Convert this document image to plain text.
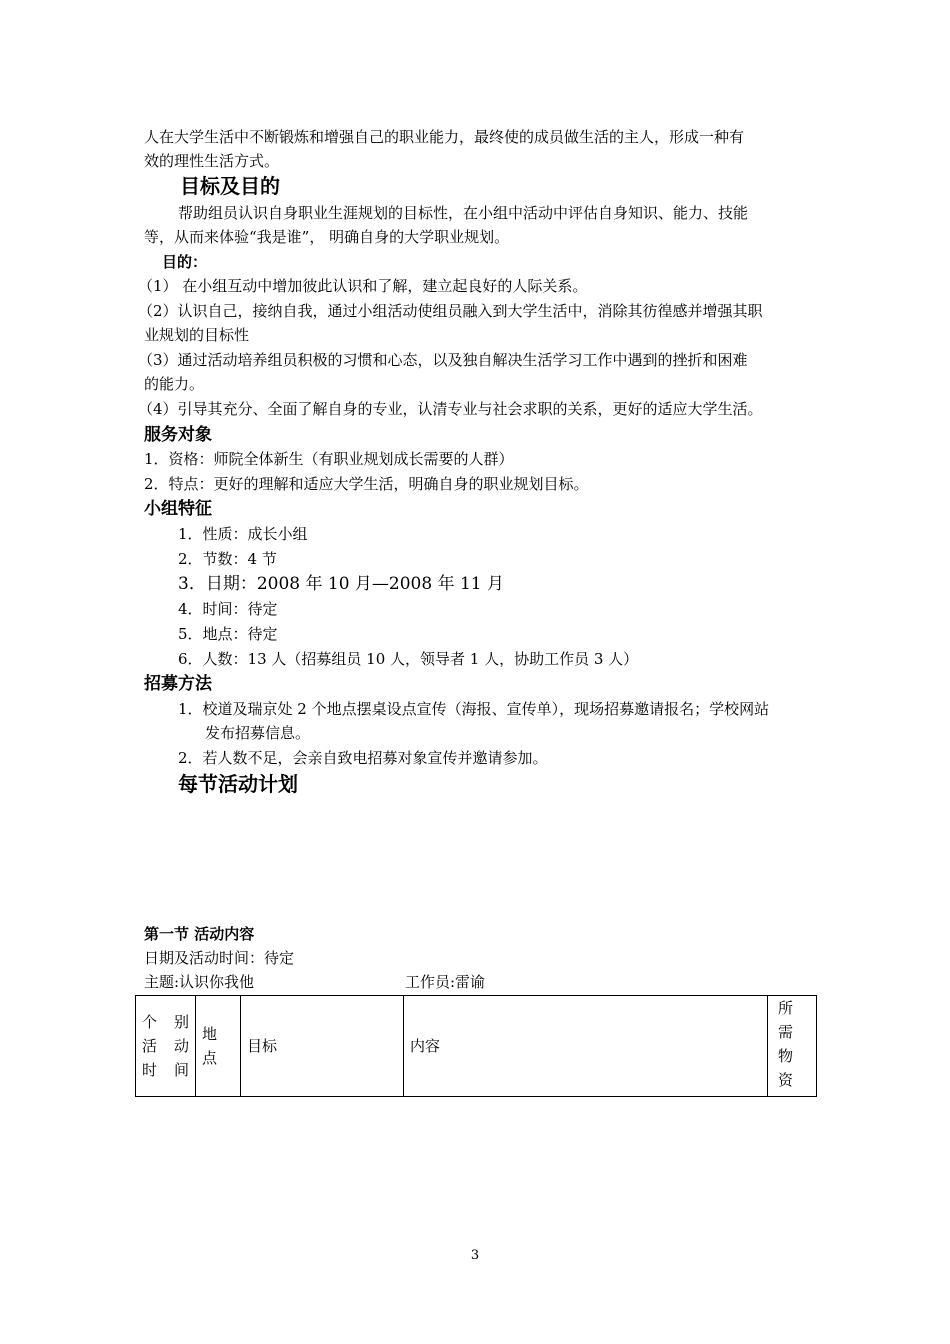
人在大学生活中不断锻炼和增强自己的职业能力，最终使的成员做生活的主人，形成一种有
效的理性生活方式。
目标及目的
帮助组员认识自身职业生涯规划的目标性，在小组中活动中评估自身知识、能力、技能
等，从而来体验“我是谁”， 明确自身的大学职业规划。
目的：
（1） 在小组互动中增加彼此认识和了解，建立起良好的人际关系。
（2）认识自己，接纳自我，通过小组活动使组员融入到大学生活中，消除其彷徨感并增强其职
业规划的目标性
（3）通过活动培养组员积极的习惯和心态，以及独自解决生活学习工作中遇到的挫折和困难
的能力。
（4）引导其充分、全面了解自身的专业，认清专业与社会求职的关系，更好的适应大学生活。
服务对象
1．资格：师院全体新生（有职业规划成长需要的人群）
2．特点：更好的理解和适应大学生活，明确自身的职业规划目标。
小组特征
1．性质：成长小组
2．节数：4 节
3．日期：2008 年 10 月—2008 年 11 月
4．时间：待定
5．地点：待定
6．人数：13 人（招募组员 10 人，领导者 1 人，协助工作员 3 人）
招募方法
1．校道及瑞京处 2 个地点摆桌设点宣传（海报、宣传单），现场招募邀请报名；学校网站
发布招募信息。
2．若人数不足，会亲自致电招募对象宣传并邀请参加。
每节活动计划
第一节 活动内容
日期及活动时间：待定
主题:认识你我他	工作员:雷谕
个 别 活 动 时间	地 点	目标	内容	所 需 物 资
3
